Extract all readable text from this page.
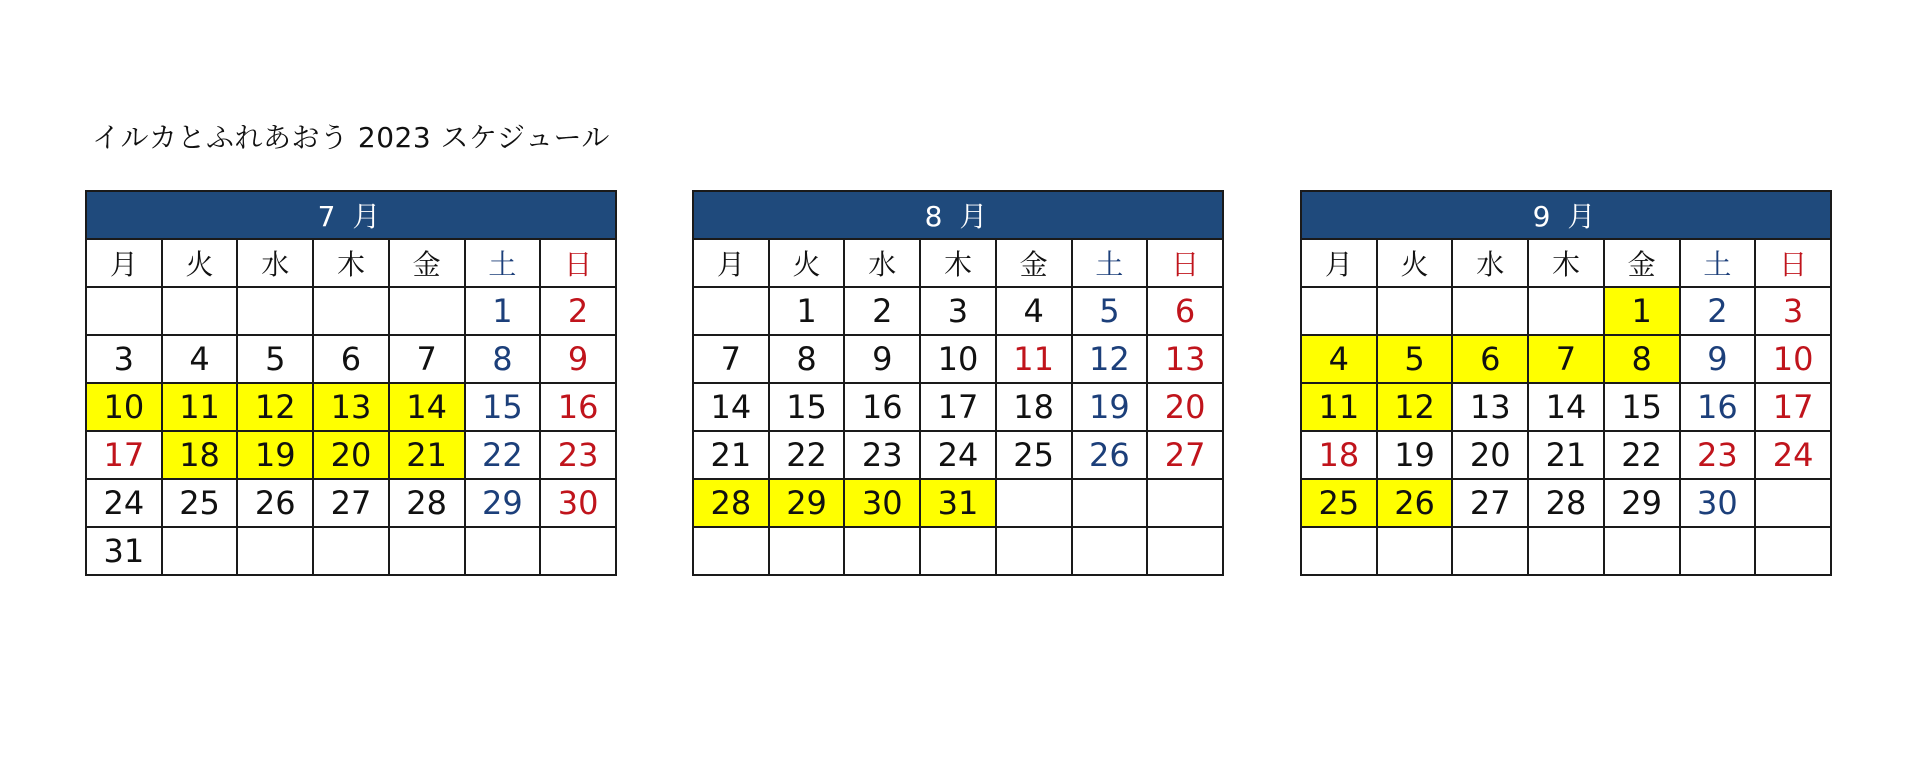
イルカとふれあおう 2023 スケジュール
7 月						
月	火	水	木	金	土	日
					1	2
3	4	5	6	7	8	9
10	11	12	13	14	15	16
17	18	19	20	21	22	23
24	25	26	27	28	29	30
31						
8 月						
月	火	水	木	金	土	日
	1	2	3	4	5	6
7	8	9	10	11	12	13
14	15	16	17	18	19	20
21	22	23	24	25	26	27
28	29	30	31			

9 月						
月	火	水	木	金	土	日
				1	2	3
4	5	6	7	8	9	10
11	12	13	14	15	16	17
18	19	20	21	22	23	24
25	26	27	28	29	30	
